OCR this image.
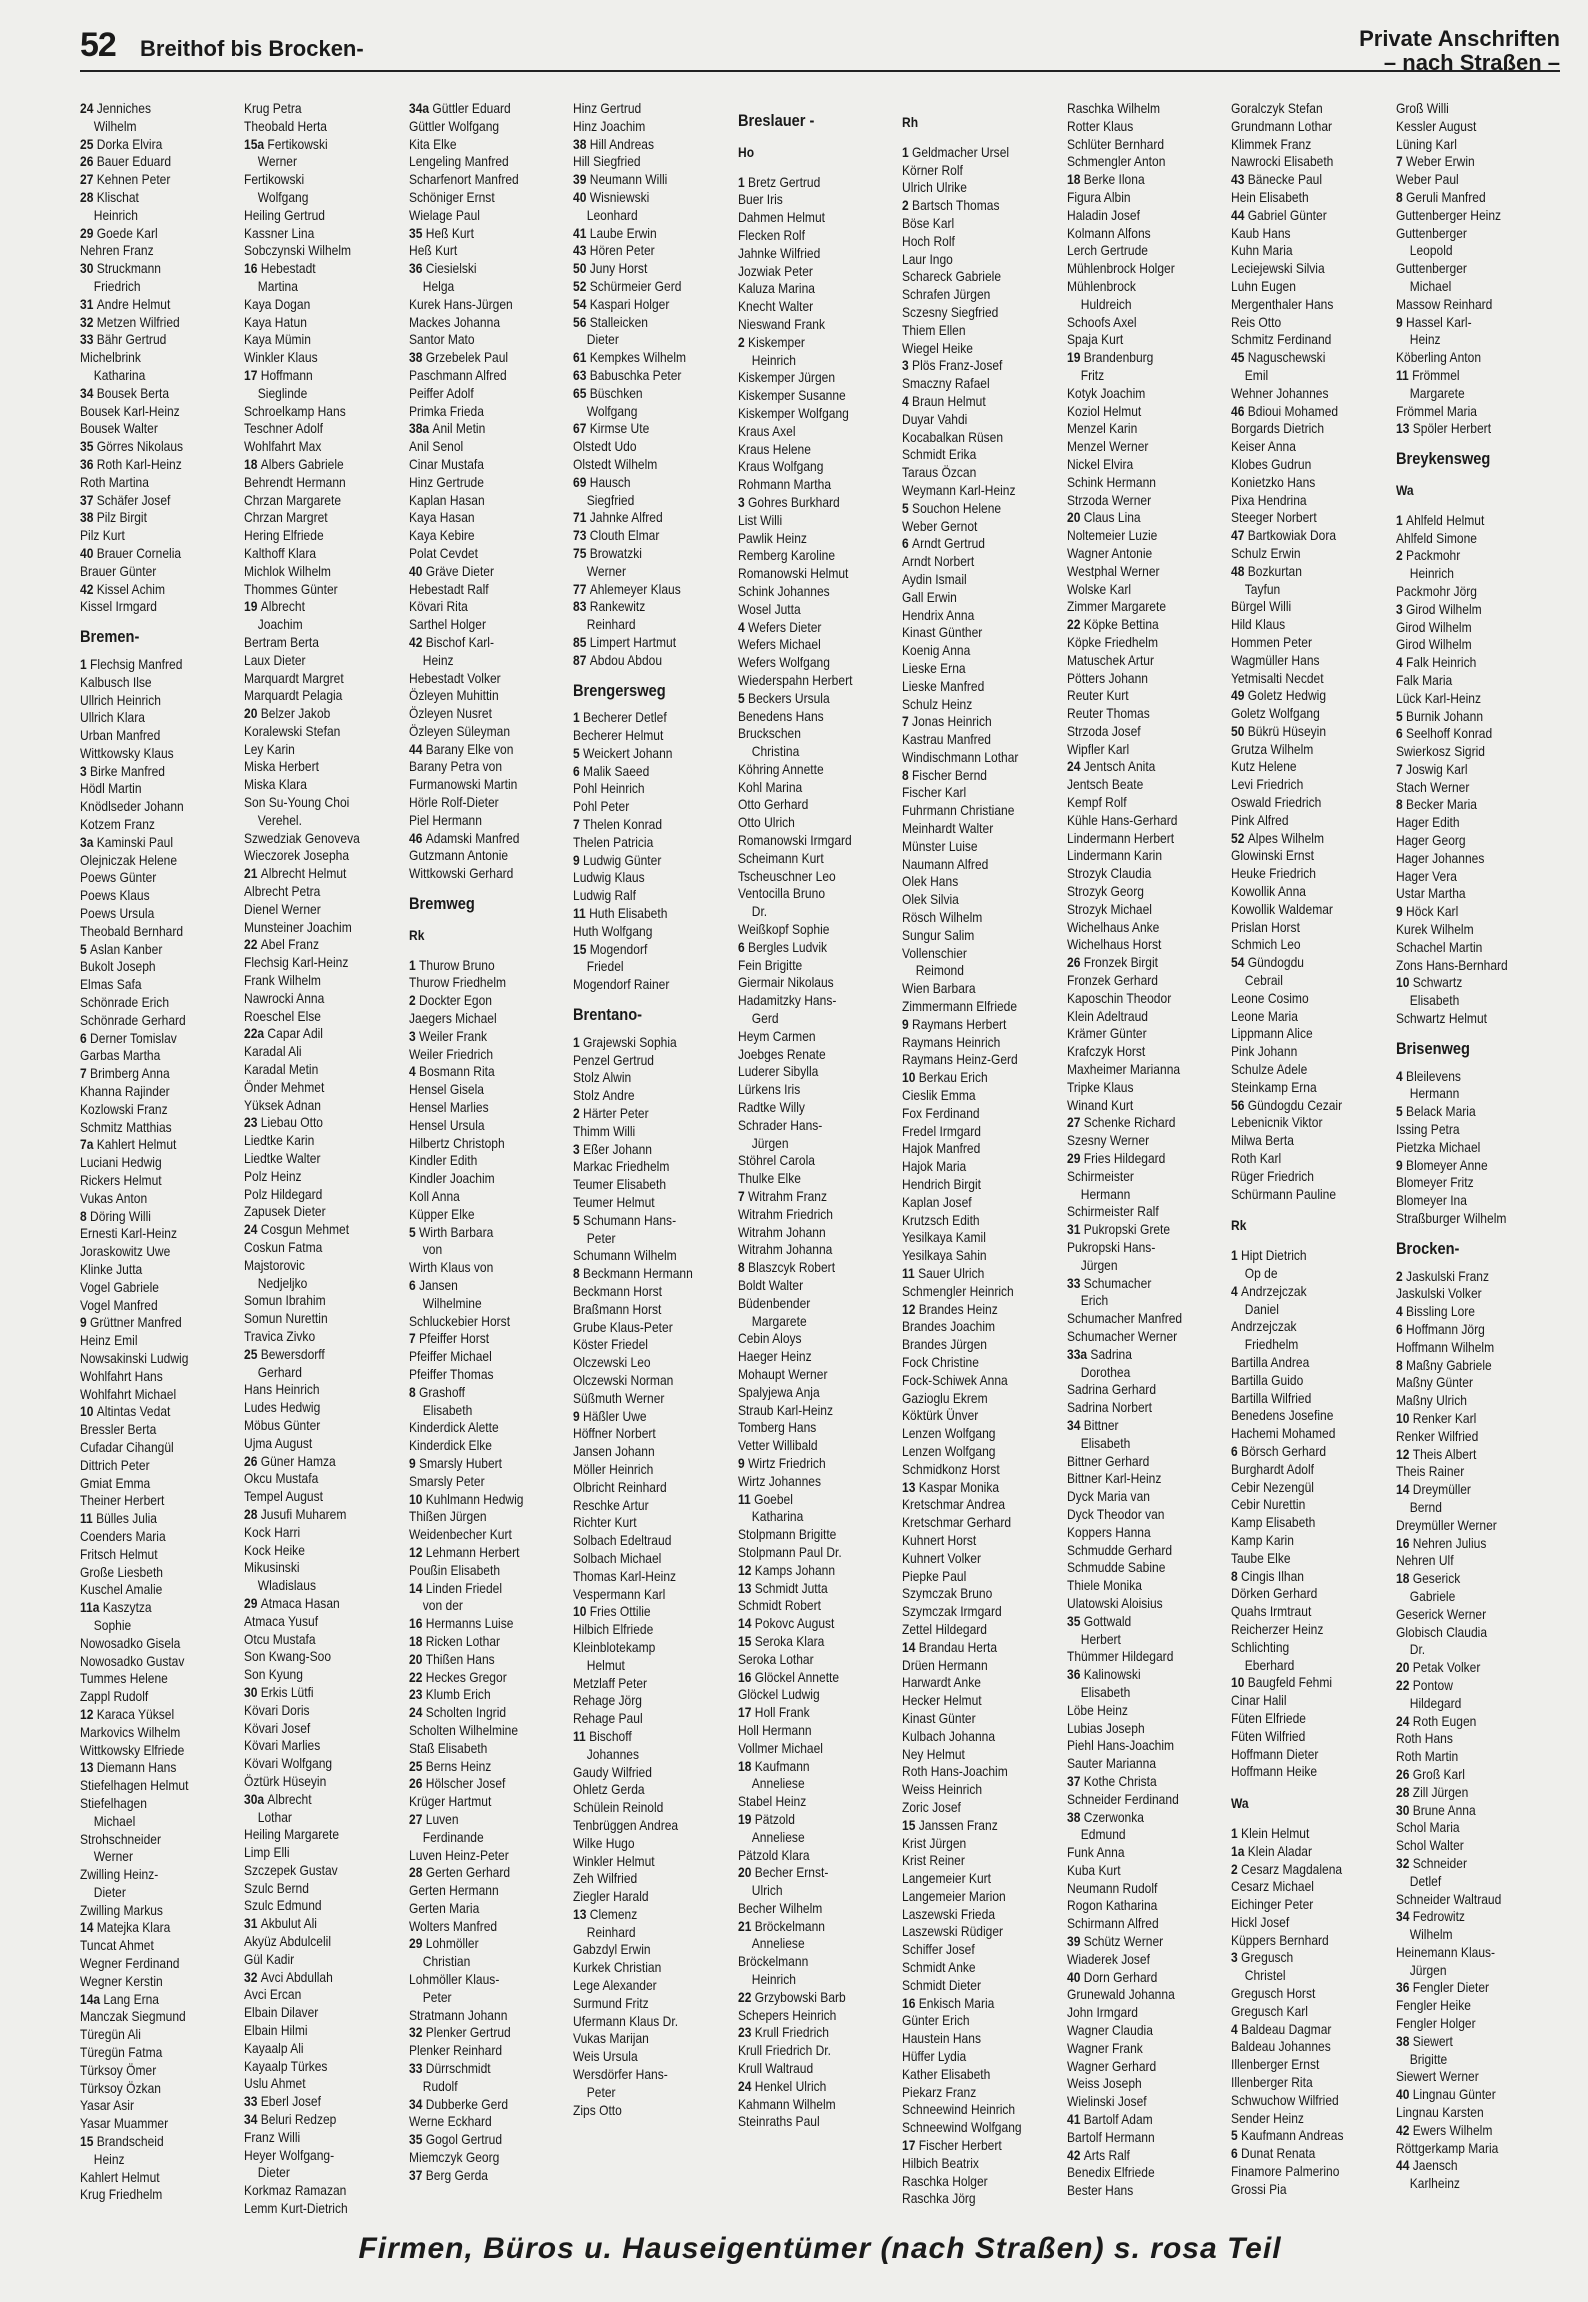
52 Breithof bis Brocken-	Private Anschriften
– nach Straßen –
24 Jenniches
Wilhelm
25 Dorka Elvira
26 Bauer Eduard
27 Kehnen Peter
28 Klischat
Heinrich
29 Goede Karl
Nehren Franz
30 Struckmann
Friedrich
31 Andre Helmut
32 Metzen Wilfried
33 Bähr Gertrud
Michelbrink
Katharina
34 Bousek Berta
Bousek Karl-Heinz
Bousek Walter
35 Görres Nikolaus
36 Roth Karl-Heinz
Roth Martina
37 Schäfer Josef
38 Pilz Birgit
Pilz Kurt
40 Brauer Cornelia
Brauer Günter
42 Kissel Achim
Kissel Irmgard
Bremen-
1 Flechsig Manfred
Kalbusch Ilse
Ullrich Heinrich
Ullrich Klara
Urban Manfred
Wittkowsky Klaus
3 Birke Manfred
Hödl Martin
Knödlseder Johann
Kotzem Franz
3a Kaminski Paul
Olejniczak Helene
Poews Günter
Poews Klaus
Poews Ursula
Theobald Bernhard
5 Aslan Kanber
Bukolt Joseph
Elmas Safa
Schönrade Erich
Schönrade Gerhard
6 Derner Tomislav
Garbas Martha
7 Brimberg Anna
Khanna Rajinder
Kozlowski Franz
Schmitz Matthias
7a Kahlert Helmut
Luciani Hedwig
Rickers Helmut
Vukas Anton
8 Döring Willi
Ernesti Karl-Heinz
Joraskowitz Uwe
Klinke Jutta
Vogel Gabriele
Vogel Manfred
9 Grüttner Manfred
Heinz Emil
Nowsakinski Ludwig
Wohlfahrt Hans
Wohlfahrt Michael
10 Altintas Vedat
Bressler Berta
Cufadar Cihangül
Dittrich Peter
Gmiat Emma
Theiner Herbert
11 Bülles Julia
Coenders Maria
Fritsch Helmut
Große Liesbeth
Kuschel Amalie
11a Kaszytza
Sophie
Nowosadko Gisela
Nowosadko Gustav
Tummes Helene
Zappl Rudolf
12 Karaca Yüksel
Markovics Wilhelm
Wittkowsky Elfriede
13 Diemann Hans
Stiefelhagen Helmut
Stiefelhagen
Michael
Strohschneider
Werner
Zwilling Heinz-
Dieter
Zwilling Markus
14 Matejka Klara
Tuncat Ahmet
Wegner Ferdinand
Wegner Kerstin
14a Lang Erna
Manczak Siegmund
Türegün Ali
Türegün Fatma
Türksoy Ömer
Türksoy Özkan
Yasar Asir
Yasar Muammer
15 Brandscheid
Heinz
Kahlert Helmut
Krug Friedhelm
Krug Petra
Theobald Herta
15a Fertikowski
Werner
Fertikowski
Wolfgang
Heiling Gertrud
Kassner Lina
Sobczynski Wilhelm
16 Hebestadt
Martina
Kaya Dogan
Kaya Hatun
Kaya Mümin
Winkler Klaus
17 Hoffmann
Sieglinde
Schroelkamp Hans
Teschner Adolf
Wohlfahrt Max
18 Albers Gabriele
Behrendt Hermann
Chrzan Margarete
Chrzan Margret
Hering Elfriede
Kalthoff Klara
Michlok Wilhelm
Thommes Günter
19 Albrecht
Joachim
Bertram Berta
Laux Dieter
Marquardt Margret
Marquardt Pelagia
20 Belzer Jakob
Koralewski Stefan
Ley Karin
Miska Herbert
Miska Klara
Son Su-Young Choi
Verehel.
Szwedziak Genoveva
Wieczorek Josepha
21 Albrecht Helmut
Albrecht Petra
Dienel Werner
Munsteiner Joachim
22 Abel Franz
Flechsig Karl-Heinz
Frank Wilhelm
Nawrocki Anna
Roeschel Else
22a Capar Adil
Karadal Ali
Karadal Metin
Önder Mehmet
Yüksek Adnan
23 Liebau Otto
Liedtke Karin
Liedtke Walter
Polz Heinz
Polz Hildegard
Zapusek Dieter
24 Cosgun Mehmet
Coskun Fatma
Majstorovic
Nedjeljko
Somun Ibrahim
Somun Nurettin
Travica Zivko
25 Bewersdorff
Gerhard
Hans Heinrich
Ludes Hedwig
Möbus Günter
Ujma August
26 Güner Hamza
Okcu Mustafa
Tempel August
28 Jusufi Muharem
Kock Harri
Kock Heike
Mikusinski
Wladislaus
29 Atmaca Hasan
Atmaca Yusuf
Otcu Mustafa
Son Kwang-Soo
Son Kyung
30 Erkis Lütfi
Kövari Doris
Kövari Josef
Kövari Marlies
Kövari Wolfgang
Öztürk Hüseyin
30a Albrecht
Lothar
Heiling Margarete
Limp Elli
Szczepek Gustav
Szulc Bernd
Szulc Edmund
31 Akbulut Ali
Akyüz Abdulcelil
Gül Kadir
32 Avci Abdullah
Avci Ercan
Elbain Dilaver
Elbain Hilmi
Kayaalp Ali
Kayaalp Türkes
Uslu Ahmet
33 Eberl Josef
34 Beluri Redzep
Franz Willi
Heyer Wolfgang-
Dieter
Korkmaz Ramazan
Lemm Kurt-Dietrich
34a Güttler Eduard
Güttler Wolfgang
Kita Elke
Lengeling Manfred
Scharfenort Manfred
Schöniger Ernst
Wielage Paul
35 Heß Kurt
Heß Kurt
36 Ciesielski
Helga
Kurek Hans-Jürgen
Mackes Johanna
Santor Mato
38 Grzebelek Paul
Paschmann Alfred
Peiffer Adolf
Primka Frieda
38a Anil Metin
Anil Senol
Cinar Mustafa
Hinz Gertrude
Kaplan Hasan
Kaya Hasan
Kaya Kebire
Polat Cevdet
40 Gräve Dieter
Hebestadt Ralf
Kövari Rita
Sarthel Holger
42 Bischof Karl-
Heinz
Hebestadt Volker
Özleyen Muhittin
Özleyen Nusret
Özleyen Süleyman
44 Barany Elke von
Barany Petra von
Furmanowski Martin
Hörle Rolf-Dieter
Piel Hermann
46 Adamski Manfred
Gutzmann Antonie
Wittkowski Gerhard
Bremweg
Rk
1 Thurow Bruno
Thurow Friedhelm
2 Dockter Egon
Jaegers Michael
3 Weiler Frank
Weiler Friedrich
4 Bosmann Rita
Hensel Gisela
Hensel Marlies
Hensel Ursula
Hilbertz Christoph
Kindler Edith
Kindler Joachim
Koll Anna
Küpper Elke
5 Wirth Barbara
von
Wirth Klaus von
6 Jansen
Wilhelmine
Schluckebier Horst
7 Pfeiffer Horst
Pfeiffer Michael
Pfeiffer Thomas
8 Grashoff
Elisabeth
Kinderdick Alette
Kinderdick Elke
9 Smarsly Hubert
Smarsly Peter
10 Kuhlmann Hedwig
Thißen Jürgen
Weidenbecher Kurt
12 Lehmann Herbert
Poußin Elisabeth
14 Linden Friedel
von der
16 Hermanns Luise
18 Ricken Lothar
20 Thißen Hans
22 Heckes Gregor
23 Klumb Erich
24 Scholten Ingrid
Scholten Wilhelmine
Staß Elisabeth
25 Berns Heinz
26 Hölscher Josef
Krüger Hartmut
27 Luven
Ferdinande
Luven Heinz-Peter
28 Gerten Gerhard
Gerten Hermann
Gerten Maria
Wolters Manfred
29 Lohmöller
Christian
Lohmöller Klaus-
Peter
Stratmann Johann
32 Plenker Gertrud
Plenker Reinhard
33 Dürrschmidt
Rudolf
34 Dubberke Gerd
Werne Eckhard
35 Gogol Gertrud
Miemczyk Georg
37 Berg Gerda
Hinz Gertrud
Hinz Joachim
38 Hill Andreas
Hill Siegfried
39 Neumann Willi
40 Wisniewski
Leonhard
41 Laube Erwin
43 Hören Peter
50 Juny Horst
52 Schürmeier Gerd
54 Kaspari Holger
56 Stalleicken
Dieter
61 Kempkes Wilhelm
63 Babuschka Peter
65 Büschken
Wolfgang
67 Kirmse Ute
Olstedt Udo
Olstedt Wilhelm
69 Hausch
Siegfried
71 Jahnke Alfred
73 Clouth Elmar
75 Browatzki
Werner
77 Ahlemeyer Klaus
83 Rankewitz
Reinhard
85 Limpert Hartmut
87 Abdou Abdou
Brengersweg
1 Becherer Detlef
Becherer Helmut
5 Weickert Johann
6 Malik Saeed
Pohl Heinrich
Pohl Peter
7 Thelen Konrad
Thelen Patricia
9 Ludwig Günter
Ludwig Klaus
Ludwig Ralf
11 Huth Elisabeth
Huth Wolfgang
15 Mogendorf
Friedel
Mogendorf Rainer
Brentano-
1 Grajewski Sophia
Penzel Gertrud
Stolz Alwin
Stolz Andre
2 Härter Peter
Thimm Willi
3 Eßer Johann
Markac Friedhelm
Teumer Elisabeth
Teumer Helmut
5 Schumann Hans-
Peter
Schumann Wilhelm
8 Beckmann Hermann
Beckmann Horst
Braßmann Horst
Grube Klaus-Peter
Köster Friedel
Olczewski Leo
Olczewski Norman
Süßmuth Werner
9 Häßler Uwe
Höffner Norbert
Jansen Johann
Möller Heinrich
Olbricht Reinhard
Reschke Artur
Richter Kurt
Solbach Edeltraud
Solbach Michael
Thomas Karl-Heinz
Vespermann Karl
10 Fries Ottilie
Hilbich Elfriede
Kleinblotekamp
Helmut
Metzlaff Peter
Rehage Jörg
Rehage Paul
11 Bischoff
Johannes
Gaudy Wilfried
Ohletz Gerda
Schülein Reinold
Tenbrüggen Andrea
Wilke Hugo
Winkler Helmut
Zeh Wilfried
Ziegler Harald
13 Clemenz
Reinhard
Gabzdyl Erwin
Kurkek Christian
Lege Alexander
Surmund Fritz
Ufermann Klaus Dr.
Vukas Marijan
Weis Ursula
Wersdörfer Hans-
Peter
Zips Otto
Breslauer -
Ho
1 Bretz Gertrud
Buer Iris
Dahmen Helmut
Flecken Rolf
Jahnke Wilfried
Jozwiak Peter
Kaluza Marina
Knecht Walter
Nieswand Frank
2 Kiskemper
Heinrich
Kiskemper Jürgen
Kiskemper Susanne
Kiskemper Wolfgang
Kraus Axel
Kraus Helene
Kraus Wolfgang
Rohmann Martha
3 Gohres Burkhard
List Willi
Pawlik Heinz
Remberg Karoline
Romanowski Helmut
Schink Johannes
Wosel Jutta
4 Wefers Dieter
Wefers Michael
Wefers Wolfgang
Wiederspahn Herbert
5 Beckers Ursula
Benedens Hans
Bruckschen
Christina
Köhring Annette
Kohl Marina
Otto Gerhard
Otto Ulrich
Romanowski Irmgard
Scheimann Kurt
Tscheuschner Leo
Ventocilla Bruno
Dr.
Weißkopf Sophie
6 Bergles Ludvik
Fein Brigitte
Giermair Nikolaus
Hadamitzky Hans-
Gerd
Heym Carmen
Joebges Renate
Luderer Sibylla
Lürkens Iris
Radtke Willy
Schrader Hans-
Jürgen
Stöhrel Carola
Thulke Elke
7 Witrahm Franz
Witrahm Friedrich
Witrahm Johann
Witrahm Johanna
8 Blaszcyk Robert
Boldt Walter
Büdenbender
Margarete
Cebin Aloys
Haeger Heinz
Mohaupt Werner
Spalyjewa Anja
Straub Karl-Heinz
Tomberg Hans
Vetter Willibald
9 Wirtz Friedrich
Wirtz Johannes
11 Goebel
Katharina
Stolpmann Brigitte
Stolpmann Paul Dr.
12 Kamps Johann
13 Schmidt Jutta
Schmidt Robert
14 Pokovc August
15 Seroka Klara
Seroka Lothar
16 Glöckel Annette
Glöckel Ludwig
17 Holl Frank
Holl Hermann
Vollmer Michael
18 Kaufmann
Anneliese
Stabel Heinz
19 Pätzold
Anneliese
Pätzold Klara
20 Becher Ernst-
Ulrich
Becher Wilhelm
21 Bröckelmann
Anneliese
Bröckelmann
Heinrich
22 Grzybowski Barb
Schepers Heinrich
23 Krull Friedrich
Krull Friedrich Dr.
Krull Waltraud
24 Henkel Ulrich
Kahmann Wilhelm
Steinraths Paul
Rh
1 Geldmacher Ursel
Körner Rolf
Ulrich Ulrike
2 Bartsch Thomas
Böse Karl
Hoch Rolf
Laur Ingo
Schareck Gabriele
Schrafen Jürgen
Sczesny Siegfried
Thiem Ellen
Wiegel Heike
3 Plös Franz-Josef
Smaczny Rafael
4 Braun Helmut
Duyar Vahdi
Kocabalkan Rüsen
Schmidt Erika
Taraus Özcan
Weymann Karl-Heinz
5 Souchon Helene
Weber Gernot
6 Arndt Gertrud
Arndt Norbert
Aydin Ismail
Gall Erwin
Hendrix Anna
Kinast Günther
Koenig Anna
Lieske Erna
Lieske Manfred
Schulz Heinz
7 Jonas Heinrich
Kastrau Manfred
Windischmann Lothar
8 Fischer Bernd
Fischer Karl
Fuhrmann Christiane
Meinhardt Walter
Münster Luise
Naumann Alfred
Olek Hans
Olek Silvia
Rösch Wilhelm
Sungur Salim
Vollenschier
Reimond
Wien Barbara
Zimmermann Elfriede
9 Raymans Herbert
Raymans Heinrich
Raymans Heinz-Gerd
10 Berkau Erich
Cieslik Emma
Fox Ferdinand
Fredel Irmgard
Hajok Manfred
Hajok Maria
Hendrich Birgit
Kaplan Josef
Krutzsch Edith
Yesilkaya Kamil
Yesilkaya Sahin
11 Sauer Ulrich
Schmengler Heinrich
12 Brandes Heinz
Brandes Joachim
Brandes Jürgen
Fock Christine
Fock-Schiwek Anna
Gazioglu Ekrem
Köktürk Ünver
Lenzen Wolfgang
Lenzen Wolfgang
Schmidkonz Horst
13 Kaspar Monika
Kretschmar Andrea
Kretschmar Gerhard
Kuhnert Horst
Kuhnert Volker
Piepke Paul
Szymczak Bruno
Szymczak Irmgard
Zettel Hildegard
14 Brandau Herta
Drüen Hermann
Harwardt Anke
Hecker Helmut
Kinast Günter
Kulbach Johanna
Ney Helmut
Roth Hans-Joachim
Weiss Heinrich
Zoric Josef
15 Janssen Franz
Krist Jürgen
Krist Reiner
Langemeier Kurt
Langemeier Marion
Laszewski Frieda
Laszewski Rüdiger
Schiffer Josef
Schmidt Anke
Schmidt Dieter
16 Enkisch Maria
Günter Erich
Haustein Hans
Hüffer Lydia
Kather Elisabeth
Piekarz Franz
Schneewind Heinrich
Schneewind Wolfgang
17 Fischer Herbert
Hilbich Beatrix
Raschka Holger
Raschka Jörg
Raschka Wilhelm
Rotter Klaus
Schlüter Bernhard
Schmengler Anton
18 Berke Ilona
Figura Albin
Haladin Josef
Kolmann Alfons
Lerch Gertrude
Mühlenbrock Holger
Mühlenbrock
Huldreich
Schoofs Axel
Spaja Kurt
19 Brandenburg
Fritz
Kotyk Joachim
Koziol Helmut
Menzel Karin
Menzel Werner
Nickel Elvira
Schink Hermann
Strzoda Werner
20 Claus Lina
Noltemeier Luzie
Wagner Antonie
Westphal Werner
Wolske Karl
Zimmer Margarete
22 Köpke Bettina
Köpke Friedhelm
Matuschek Artur
Pötters Johann
Reuter Kurt
Reuter Thomas
Strzoda Josef
Wipfler Karl
24 Jentsch Anita
Jentsch Beate
Kempf Rolf
Kühle Hans-Gerhard
Lindermann Herbert
Lindermann Karin
Strozyk Claudia
Strozyk Georg
Strozyk Michael
Wichelhaus Anke
Wichelhaus Horst
26 Fronzek Birgit
Fronzek Gerhard
Kaposchin Theodor
Klein Adeltraud
Krämer Günter
Krafczyk Horst
Maxheimer Marianna
Tripke Klaus
Winand Kurt
27 Schenke Richard
Szesny Werner
29 Fries Hildegard
Schirmeister
Hermann
Schirmeister Ralf
31 Pukropski Grete
Pukropski Hans-
Jürgen
33 Schumacher
Erich
Schumacher Manfred
Schumacher Werner
33a Sadrina
Dorothea
Sadrina Gerhard
Sadrina Norbert
34 Bittner
Elisabeth
Bittner Gerhard
Bittner Karl-Heinz
Dyck Maria van
Dyck Theodor van
Koppers Hanna
Schmudde Gerhard
Schmudde Sabine
Thiele Monika
Ulatowski Aloisius
35 Gottwald
Herbert
Thümmer Hildegard
36 Kalinowski
Elisabeth
Löbe Heinz
Lubias Joseph
Piehl Hans-Joachim
Sauter Marianna
37 Kothe Christa
Schneider Ferdinand
38 Czerwonka
Edmund
Funk Anna
Kuba Kurt
Neumann Rudolf
Rogon Katharina
Schirmann Alfred
39 Schütz Werner
Wiaderek Josef
40 Dorn Gerhard
Grunewald Johanna
John Irmgard
Wagner Claudia
Wagner Frank
Wagner Gerhard
Weiss Joseph
Wielinski Josef
41 Bartolf Adam
Bartolf Hermann
42 Arts Ralf
Benedix Elfriede
Bester Hans
Goralczyk Stefan
Grundmann Lothar
Klimmek Franz
Nawrocki Elisabeth
43 Bänecke Paul
Hein Elisabeth
44 Gabriel Günter
Kaub Hans
Kuhn Maria
Leciejewski Silvia
Luhn Eugen
Mergenthaler Hans
Reis Otto
Schmitz Ferdinand
45 Naguschewski
Emil
Wehner Johannes
46 Bdioui Mohamed
Borgards Dietrich
Keiser Anna
Klobes Gudrun
Konietzko Hans
Pixa Hendrina
Steeger Norbert
47 Bartkowiak Dora
Schulz Erwin
48 Bozkurtan
Tayfun
Bürgel Willi
Hild Klaus
Hommen Peter
Wagmüller Hans
Yetmisalti Necdet
49 Goletz Hedwig
Goletz Wolfgang
50 Bükrü Hüseyin
Grutza Wilhelm
Kutz Helene
Levi Friedrich
Oswald Friedrich
Pink Alfred
52 Alpes Wilhelm
Glowinski Ernst
Heuke Friedrich
Kowollik Anna
Kowollik Waldemar
Prislan Horst
Schmich Leo
54 Gündogdu
Cebrail
Leone Cosimo
Leone Maria
Lippmann Alice
Pink Johann
Schulze Adele
Steinkamp Erna
56 Gündogdu Cezair
Lebenicnik Viktor
Milwa Berta
Roth Karl
Rüger Friedrich
Schürmann Pauline
Rk
1 Hipt Dietrich
Op de
4 Andrzejczak
Daniel
Andrzejczak
Friedhelm
Bartilla Andrea
Bartilla Guido
Bartilla Wilfried
Benedens Josefine
Hachemi Mohamed
6 Börsch Gerhard
Burghardt Adolf
Cebir Nezengül
Cebir Nurettin
Kamp Elisabeth
Kamp Karin
Taube Elke
8 Cingis Ilhan
Dörken Gerhard
Quahs Irmtraut
Reicherzer Heinz
Schlichting
Eberhard
10 Baugfeld Fehmi
Cinar Halil
Füten Elfriede
Füten Wilfried
Hoffmann Dieter
Hoffmann Heike
Wa
1 Klein Helmut
1a Klein Aladar
2 Cesarz Magdalena
Cesarz Michael
Eichinger Peter
Hickl Josef
Küppers Bernhard
3 Gregusch
Christel
Gregusch Horst
Gregusch Karl
4 Baldeau Dagmar
Baldeau Johannes
Illenberger Ernst
Illenberger Rita
Schwuchow Wilfried
Sender Heinz
5 Kaufmann Andreas
6 Dunat Renata
Finamore Palmerino
Grossi Pia
Groß Willi
Kessler August
Lüning Karl
7 Weber Erwin
Weber Paul
8 Geruli Manfred
Guttenberger Heinz
Guttenberger
Leopold
Guttenberger
Michael
Massow Reinhard
9 Hassel Karl-
Heinz
Köberling Anton
11 Frömmel
Margarete
Frömmel Maria
13 Spöler Herbert
Breykensweg
Wa
1 Ahlfeld Helmut
Ahlfeld Simone
2 Packmohr
Heinrich
Packmohr Jörg
3 Girod Wilhelm
Girod Wilhelm
Girod Wilhelm
4 Falk Heinrich
Falk Maria
Lück Karl-Heinz
5 Burnik Johann
6 Seelhoff Konrad
Swierkosz Sigrid
7 Joswig Karl
Stach Werner
8 Becker Maria
Hager Edith
Hager Georg
Hager Johannes
Hager Vera
Ustar Martha
9 Höck Karl
Kurek Wilhelm
Schachel Martin
Zons Hans-Bernhard
10 Schwartz
Elisabeth
Schwartz Helmut
Brisenweg
4 Bleilevens
Hermann
5 Belack Maria
Issing Petra
Pietzka Michael
9 Blomeyer Anne
Blomeyer Fritz
Blomeyer Ina
Straßburger Wilhelm
Brocken-
2 Jaskulski Franz
Jaskulski Volker
4 Bissling Lore
6 Hoffmann Jörg
Hoffmann Wilhelm
8 Maßny Gabriele
Maßny Günter
Maßny Ulrich
10 Renker Karl
Renker Wilfried
12 Theis Albert
Theis Rainer
14 Dreymüller
Bernd
Dreymüller Werner
16 Nehren Julius
Nehren Ulf
18 Geserick
Gabriele
Geserick Werner
Globisch Claudia
Dr.
20 Petak Volker
22 Pontow
Hildegard
24 Roth Eugen
Roth Hans
Roth Martin
26 Groß Karl
28 Zill Jürgen
30 Brune Anna
Schol Maria
Schol Walter
32 Schneider
Detlef
Schneider Waltraud
34 Fedrowitz
Wilhelm
Heinemann Klaus-
Jürgen
36 Fengler Dieter
Fengler Heike
Fengler Holger
38 Siewert
Brigitte
Siewert Werner
40 Lingnau Günter
Lingnau Karsten
42 Ewers Wilhelm
Röttgerkamp Maria
44 Jaensch
Karlheinz
Firmen, Büros u. Hauseigentümer (nach Straßen) s. rosa Teil
